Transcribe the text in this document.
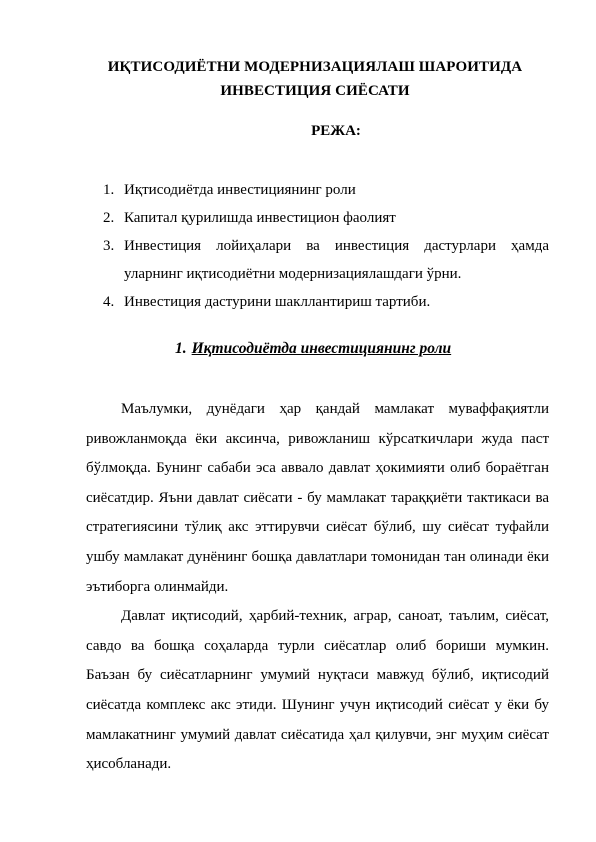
ИҚТИСОДИЁТНИ МОДЕРНИЗАЦИЯЛАШ ШАРОИТИДА
ИНВЕСТИЦИЯ СИЁСАТИ
РЕЖА:
1. Иқтисодиётда инвестициянинг роли
2. Капитал қурилишда инвестицион фаолият
3. Инвестиция лойиҳалари ва инвестиция дастурлари ҳамда уларнинг иқтисодиётни модернизациялашдаги ўрни.
4. Инвестиция дастурини шакллантириш тартиби.
1. Иқтисодиётда инвестициянинг роли

Маълумки, дунёдаги ҳар қандай мамлакат муваффақиятли ривожланмоқда ёки аксинча, ривожланиш кўрсаткичлари жуда паст бўлмоқда. Бунинг сабаби эса аввало давлат ҳокимияти олиб бораётган сиёсатдир. Яъни давлат сиёсати - бу мамлакат тараққиёти тактикаси ва стратегиясини тўлиқ акс эттирувчи сиёсат бўлиб, шу сиёсат туфайли ушбу мамлакат дунёнинг бошқа давлатлари томонидан тан олинади ёки эътиборга олинмайди.

Давлат иқтисодий, ҳарбий-техник, аграр, саноат, таълим, сиёсат, савдо ва бошқа соҳаларда турли сиёсатлар олиб бориши мумкин. Баъзан бу сиёсатларнинг умумий нуқтаси мавжуд бўлиб, иқтисодий сиёсатда комплекс акс этиди. Шунинг учун иқтисодий сиёсат у ёки бу мамлакатнинг умумий давлат сиёсатида ҳал қилувчи, энг муҳим сиёсат ҳисобланади.
